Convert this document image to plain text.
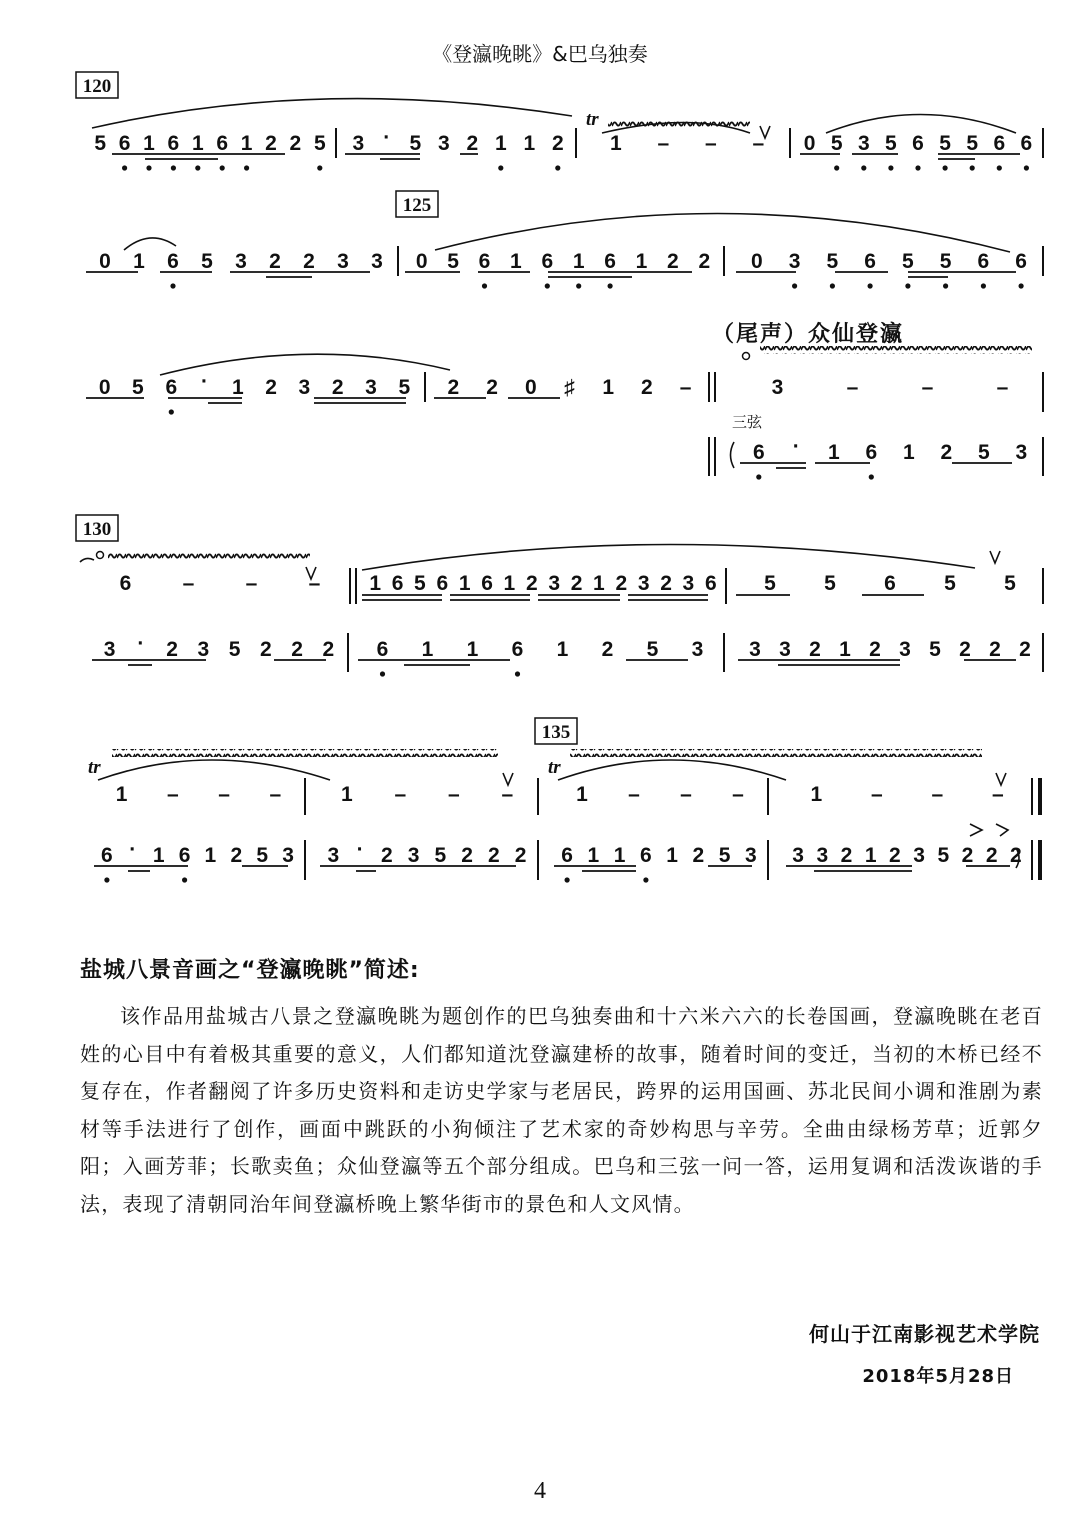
《登瀛晚眺》&巴乌独奏
120
125
130
135
（尾声）众仙登瀛
三弦
tr
tr	tr
5 6 1 6 1 6 1 2 2 5 3 · 5 3 2 1 1 2 1 – – – 0 5 3 5 6 5 5 6 6
0 1 6 5 3 2 2 3 3 0 5 6 1 6 1 6 1 2 2 0 3 5 6 5 5 6 6
0 5 6 · 1 2 3 2 3 5 2 2 0 ♯ 1 2 –	3	–	–	–
6 · 1 6 1 2 5 3
6 – – – 1 6 5 6 1 6 1 2 3 2 1 2 3 2 3 6 5 5 6 5 5
3 · 2 3 5 2 2 2 6 1 1 6 1 2 5 3 3 3 2 1 2 3 5 2 2 2
1 – – –	1 – – –	1 – – –	1 – – –
6 · 1 6 1 2 5 3 3 · 2 3 5 2 2 2 6 1 1 6 1 2 5 3 3 3 2 1 2 3 5 2 2 2
盐城八景音画之“登瀛晚眺”简述:

该作品用盐城古八景之登瀛晚眺为题创作的巴乌独奏曲和十六米六六的长卷国画，登瀛晚眺在老百姓的心目中有着极其重要的意义，人们都知道沈登瀛建桥的故事，随着时间的变迁，当初的木桥已经不复存在，作者翻阅了许多历史资料和走访史学家与老居民，跨界的运用国画、苏北民间小调和淮剧为素材等手法进行了创作，画面中跳跃的小狗倾注了艺术家的奇妙构思与辛劳。全曲由绿杨芳草；近郭夕阳；入画芳菲；长歌卖鱼；众仙登瀛等五个部分组成。巴乌和三弦一问一答，运用复调和活泼诙谐的手法，表现了清朝同治年间登瀛桥晚上繁华街市的景色和人文风情。

何山于江南影视艺术学院
2018年5月28日
4
